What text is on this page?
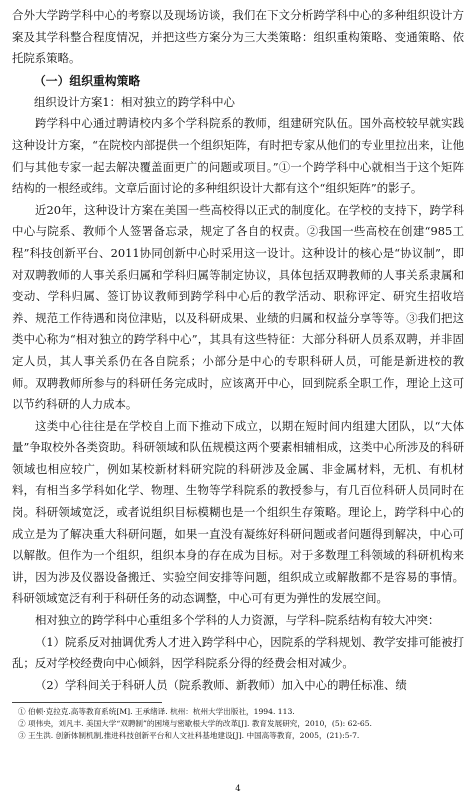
合外大学跨学科中心的考察以及现场访谈，我们在下文分析跨学科中心的多种组织设计方案及其学科整合程度情况，并把这些方案分为三大类策略：组织重构策略、变通策略、依托院系策略。

（一）组织重构策略

组织设计方案1：相对独立的跨学科中心

跨学科中心通过聘请校内多个学科院系的教师，组建研究队伍。国外高校较早就实践这种设计方案，“在院校内部提供一个组织矩阵，有时把专家从他们的专业里拉出来，让他们与其他专家一起去解决覆盖面更广的问题或项目。”①一个跨学科中心就相当于这个矩阵结构的一根经或纬。文章后面讨论的多种组织设计大都有这个“组织矩阵”的影子。

近20年，这种设计方案在美国一些高校得以正式的制度化。在学校的支持下，跨学科中心与院系、教师个人签署备忘录，规定了各自的权责。②我国一些高校在创建“985工程”科技创新平台、2011协同创新中心时采用这一设计。这种设计的核心是“协议制”，即对双聘教师的人事关系归属和学科归属等制定协议，具体包括双聘教师的人事关系隶属和变动、学科归属、签订协议教师到跨学科中心后的教学活动、职称评定、研究生招收培养、规范工作待遇和岗位津贴，以及科研成果、业绩的归属和权益分享等等。③我们把这类中心称为“相对独立的跨学科中心”，其具有这些特征：大部分科研人员系双聘，并非固定人员，其人事关系仍在各自院系；小部分是中心的专职科研人员，可能是新进校的教师。双聘教师所参与的科研任务完成时，应该离开中心，回到院系全职工作，理论上这可以节约科研的人力成本。

这类中心往往是在学校自上而下推动下成立，以期在短时间内组建大团队，以“大体量”争取校外各类资助。科研领域和队伍规模这两个要素相辅相成，这类中心所涉及的科研领域也相应较广，例如某校新材料研究院的科研涉及金属、非金属材料，无机、有机材料，有相当多学科如化学、物理、生物等学科院系的教授参与，有几百位科研人员同时在岗。科研领域宽泛，或者说组织目标模糊也是一个组织生存策略。理论上，跨学科中心的成立是为了解决重大科研问题，如果一直没有凝练好科研问题或者问题得到解决，中心可以解散。但作为一个组织，组织本身的存在成为目标。对于多数理工科领域的科研机构来讲，因为涉及仪器设备搬迁、实验空间安排等问题，组织成立或解散都不是容易的事情。科研领域宽泛有利于科研任务的动态调整，中心可有更为弹性的发展空间。

相对独立的跨学科中心重组多个学科的人力资源，与学科–院系结构有较大冲突：

（1）院系反对抽调优秀人才进入跨学科中心，因院系的学科规划、教学安排可能被打乱；反对学校经费向中心倾斜，因学科院系分得的经费会相对减少。

（2）学科间关于科研人员（院系教师、新教师）加入中心的聘任标准、绩

① 伯顿·克拉克.高等教育系统[M]. 王承绪译. 杭州：杭州大学出版社，1994. 113.

② 项伟央，刘凡丰. 美国大学“双聘制”的困境与密歇根大学的改革[J]. 教育发展研究，2010，(5): 62-65.

③ 王生洪. 创新体制机制,推进科技创新平台和人文社科基地建设[J]. 中国高等教育，2005，(21):5-7.

4
